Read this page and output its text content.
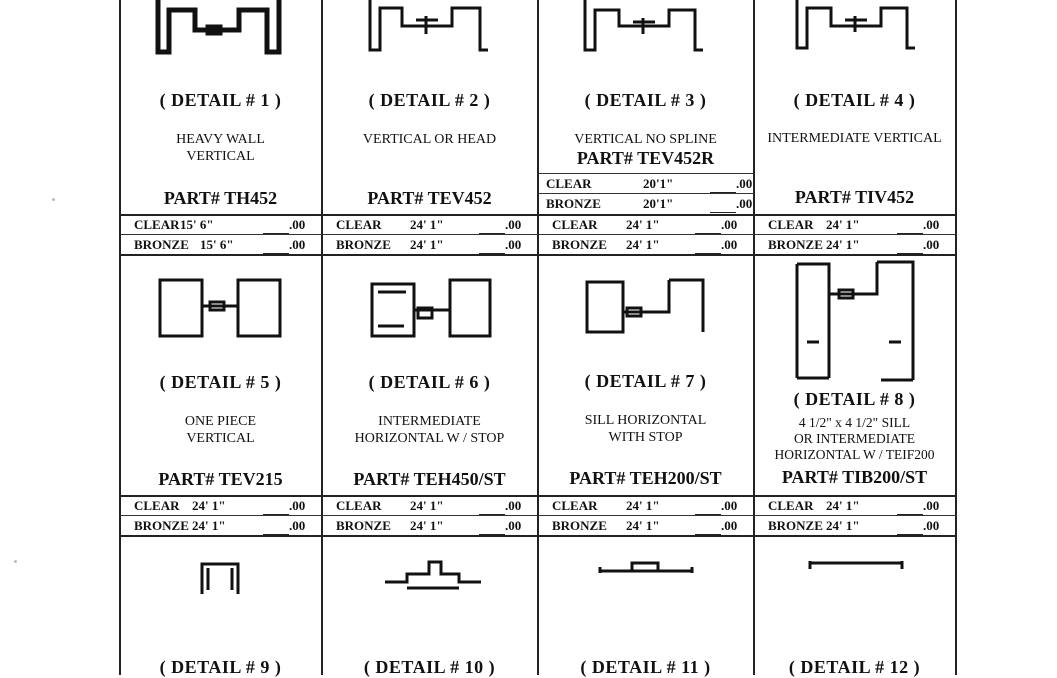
( DETAIL # 1 )	( DETAIL # 2 )	( DETAIL # 3 )	( DETAIL # 4 )
( DETAIL # 5 )	( DETAIL # 6 )	( DETAIL # 7 )
( DETAIL # 8 )
( DETAIL # 9 )	( DETAIL # 10 )	( DETAIL # 11 )	( DETAIL # 12 )
HEAVY WALL
VERTICAL
VERTICAL OR HEAD	VERTICAL NO SPLINE	INTERMEDIATE VERTICAL
ONE PIECE
VERTICAL
INTERMEDIATE
HORIZONTAL W / STOP
SILL HORIZONTAL
WITH STOP
4 1/2" x 4 1/2" SILL
OR INTERMEDIATE
HORIZONTAL W / TEIF200
PART# TH452	PART# TEV452
PART# TEV452R
PART# TIV452
PART# TEV215	PART# TEH450/ST	PART# TEH200/ST	PART# TIB200/ST
CLEAR	20'1"	.00
BRONZE	20'1"	.00
CLEAR 15' 6"	.00
BRONZE 15' 6"	.00
CLEAR 24' 1"	.00
BRONZE 24' 1"	.00
CLEAR 24' 1"	.00
BRONZE 24' 1"	.00
CLEAR 24' 1"	.00
BRONZE 24' 1"	.00
CLEAR 24' 1"	.00
BRONZE 24' 1"	.00
CLEAR 24' 1"	.00
BRONZE 24' 1"	.00
CLEAR 24' 1"	.00
BRONZE 24' 1"	.00
CLEAR 24' 1"	.00
BRONZE 24' 1"	.00
